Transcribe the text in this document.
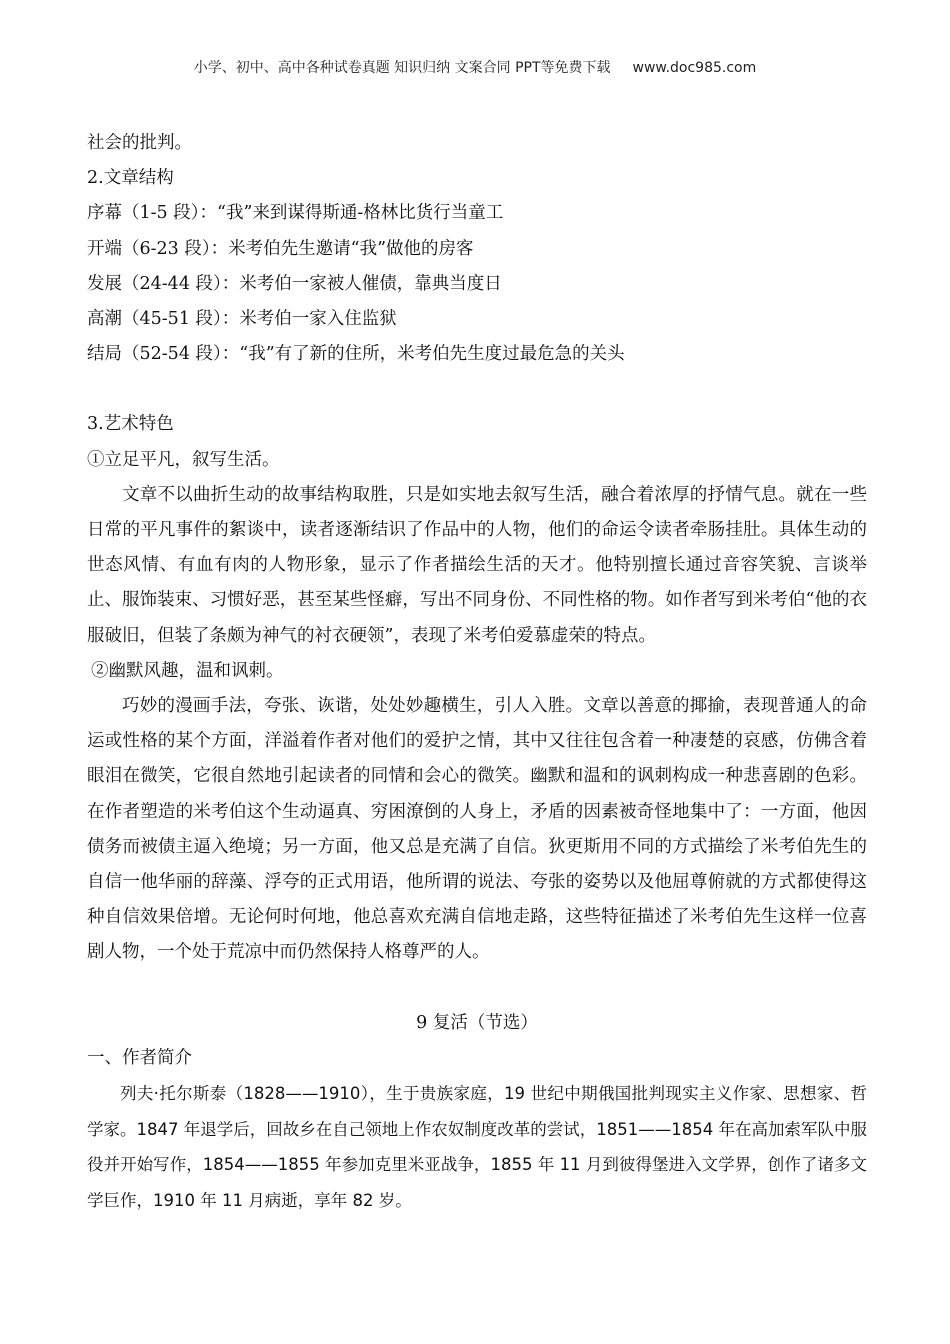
小学、初中、高中各种试卷真题 知识归纳 文案合同 PPT等免费下载 www.doc985.com

社会的批判。

2.文章结构

序幕（1-5 段）：“我”来到谋得斯通-格林比货行当童工

开端（6-23 段）：米考伯先生邀请“我”做他的房客

发展（24-44 段）：米考伯一家被人催债，靠典当度日

高潮（45-51 段）：米考伯一家入住监狱

结局（52-54 段）：“我”有了新的住所，米考伯先生度过最危急的关头

3.艺术特色

①立足平凡，叙写生活。

文章不以曲折生动的故事结构取胜，只是如实地去叙写生活，融合着浓厚的抒情气息。就在一些日常的平凡事件的絮谈中，读者逐渐结识了作品中的人物，他们的命运令读者牵肠挂肚。具体生动的世态风情、有血有肉的人物形象，显示了作者描绘生活的天才。他特别擅长通过音容笑貌、言谈举止、服饰装束、习惯好恶，甚至某些怪癖，写出不同身份、不同性格的物。如作者写到米考伯“他的衣服破旧，但装了条颇为神气的衬衣硬领”，表现了米考伯爱慕虚荣的特点。

②幽默风趣，温和讽刺。

巧妙的漫画手法，夸张、诙谐，处处妙趣横生，引人入胜。文章以善意的揶揄，表现普通人的命运或性格的某个方面，洋溢着作者对他们的爱护之情，其中又往往包含着一种凄楚的哀感，仿佛含着眼泪在微笑，它很自然地引起读者的同情和会心的微笑。幽默和温和的讽刺构成一种悲喜剧的色彩。在作者塑造的米考伯这个生动逼真、穷困潦倒的人身上，矛盾的因素被奇怪地集中了：一方面，他因债务而被债主逼入绝境；另一方面，他又总是充满了自信。狄更斯用不同的方式描绘了米考伯先生的自信一他华丽的辞藻、浮夸的正式用语，他所谓的说法、夸张的姿势以及他屈尊俯就的方式都使得这种自信效果倍增。无论何时何地，他总喜欢充满自信地走路，这些特征描述了米考伯先生这样一位喜剧人物，一个处于荒凉中而仍然保持人格尊严的人。

9 复活（节选）

一、作者简介

列夫·托尔斯泰（1828——1910），生于贵族家庭，19 世纪中期俄国批判现实主义作家、思想家、哲学家。1847 年退学后，回故乡在自己领地上作农奴制度改革的尝试，1851——1854 年在高加索军队中服役并开始写作，1854——1855 年参加克里米亚战争，1855 年 11 月到彼得堡进入文学界，创作了诸多文学巨作，1910 年 11 月病逝，享年 82 岁。
